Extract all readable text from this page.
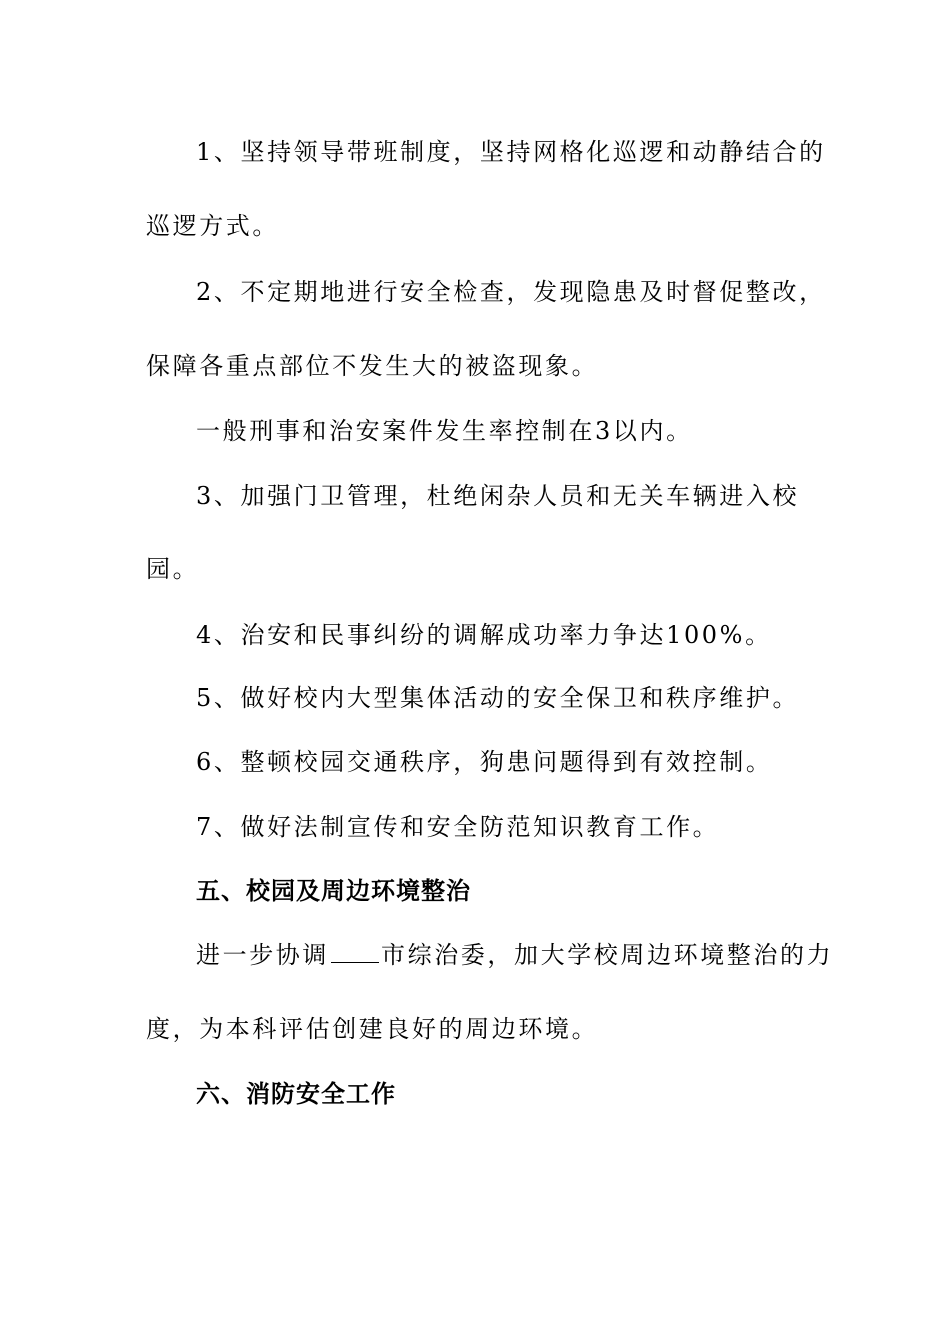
1、坚持领导带班制度，坚持网格化巡逻和动静结合的
巡逻方式。
2、不定期地进行安全检查，发现隐患及时督促整改，
保障各重点部位不发生大的被盗现象。
一般刑事和治安案件发生率控制在3以内。
3、加强门卫管理，杜绝闲杂人员和无关车辆进入校
园。
4、治安和民事纠纷的调解成功率力争达100%。
5、做好校内大型集体活动的安全保卫和秩序维护。
6、整顿校园交通秩序，狗患问题得到有效控制。
7、做好法制宣传和安全防范知识教育工作。
五、校园及周边环境整治
进一步协调 市综治委，加大学校周边环境整治的力
度，为本科评估创建良好的周边环境。
六、消防安全工作
